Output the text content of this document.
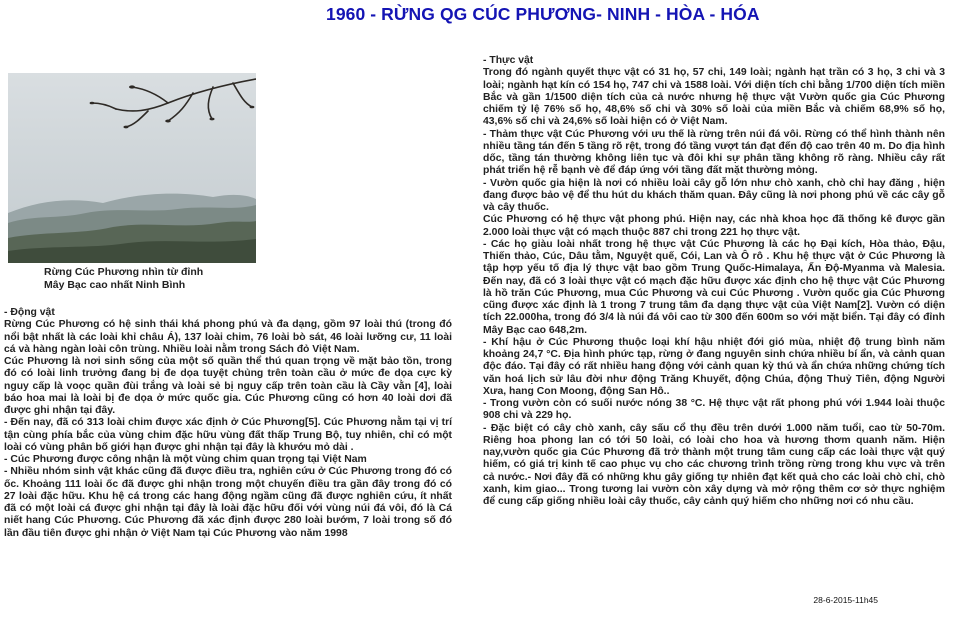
1960 - RỪNG QG CÚC PHƯƠNG- NINH - HÒA - HÓA
Rừng Cúc Phương nhìn từ đỉnh
Mây Bạc cao nhất Ninh Bình

- Động vật

Rừng Cúc Phương có hệ sinh thái khá phong phú và đa dạng, gồm 97 loài thú (trong đó nổi bật nhất là các loài khỉ châu Á), 137 loài chim, 76 loài bò sát, 46 loài lưỡng cư, 11 loài cá và hàng ngàn loài côn trùng. Nhiều loài nằm trong Sách đỏ Việt Nam.

Cúc Phương là nơi sinh sống của một số quần thể thú quan trọng về mặt bảo tồn, trong đó có loài linh trưởng đang bị đe dọa tuyệt chủng trên toàn cầu ở mức đe dọa cực kỳ nguy cấp là voọc quần đùi trắng và loài sẻ bị nguy cấp trên toàn cầu là Cầy vằn [4], loài báo hoa mai là loài bị đe dọa ở mức quốc gia. Cúc Phương cũng có hơn 40 loài dơi đã được ghi nhận tại đây.

- Đến nay, đã có 313 loài chim được xác định ở Cúc Phương[5]. Cúc Phương nằm tại vị trí tận cùng phía bắc của vùng chim đặc hữu vùng đất thấp Trung Bộ, tuy nhiên, chỉ có một loài có vùng phân bố giới hạn được ghi nhận tại đây là khướu mỏ dài .

- Cúc Phương được công nhận là một vùng chim quan trọng tại Việt Nam

- Nhiều nhóm sinh vật khác cũng đã được điều tra, nghiên cứu ở Cúc Phương trong đó có ốc. Khoảng 111 loài ốc đã được ghi nhận trong một chuyến điều tra gần đây trong đó có 27 loài đặc hữu. Khu hệ cá trong các hang động ngầm cũng đã được nghiên cứu, ít nhất đã có một loài cá được ghi nhận tại đây là loài đặc hữu đối với vùng núi đá vôi, đó là Cá niết hang Cúc Phương. Cúc Phương đã xác định được 280 loài bướm, 7 loài trong số đó lần đầu tiên được ghi nhận ở Việt Nam tại Cúc Phương vào năm 1998

- Thực vật

Trong đó ngành quyết thực vật có 31 họ, 57 chi, 149 loài; ngành hạt trần có 3 họ, 3 chi và 3 loài; ngành hạt kín có 154 họ, 747 chi và 1588 loài. Với diện tích chỉ bằng 1/700 diện tích miền Bắc và gần 1/1500 diện tích của cả nước nhưng hệ thực vật Vườn quốc gia Cúc Phương chiếm tỷ lệ 76% số họ, 48,6% số chi và 30% số loài của miền Bắc và chiếm 68,9% số họ, 43,6% số chi và 24,6% số loài hiện có ở Việt Nam.

- Thảm thực vật Cúc Phương với ưu thế là rừng trên núi đá vôi. Rừng có thể hình thành nên nhiều tầng tán đến 5 tầng rõ rệt, trong đó tầng vượt tán đạt đến độ cao trên 40 m. Do địa hình dốc, tầng tán thường không liên tục và đôi khi sự phân tầng không rõ ràng. Nhiều cây rất phát triển hệ rễ bạnh vè để đáp ứng với tầng đất mặt thường mỏng.

- Vườn quốc gia hiện là nơi có nhiều loài cây gỗ lớn như chò xanh, chò chỉ hay đăng , hiện đang được bảo vệ để thu hút du khách thăm quan. Đây cũng là nơi phong phú về các cây gỗ và cây thuốc.

Cúc Phương có hệ thực vật phong phú. Hiện nay, các nhà khoa học đã thống kê được gần 2.000 loài thực vật có mạch thuộc 887 chi trong 221 họ thực vật.

- Các họ giàu loài nhất trong hệ thực vật Cúc Phương là các họ Đại kích, Hòa thảo, Đậu, Thiến thảo, Cúc, Dâu tằm, Nguyệt quế, Cói, Lan và Ô rô . Khu hệ thực vật ở Cúc Phương là tập hợp yếu tố địa lý thực vật bao gồm Trung Quốc-Himalaya, Ấn Độ-Myanma và Malesia. Đến nay, đã có 3 loài thực vật có mạch đặc hữu được xác định cho hệ thực vật Cúc Phương là hồ trăn Cúc Phương, mua Cúc Phương và cui Cúc Phương . Vườn quốc gia Cúc Phương cũng được xác định là 1 trong 7 trung tâm đa dạng thực vật của Việt Nam[2]. Vườn có diện tích 22.000ha, trong đó 3/4 là núi đá vôi cao từ 300 đến 600m so với mặt biển. Tại đây có đỉnh Mây Bạc cao 648,2m.

- Khí hậu ở Cúc Phương thuộc loại khí hậu nhiệt đới gió mùa, nhiệt độ trung bình năm khoảng 24,7 °C. Địa hình phức tạp, rừng ở đang nguyên sinh chứa nhiều bí ẩn, và cảnh quan độc đáo. Tại đây có rất nhiều hang động với cảnh quan kỳ thú và ẩn chứa những chứng tích văn hoá lịch sử lâu đời như động Trăng Khuyết, động Chúa, động Thuỷ Tiên, động Người Xưa, hang Con Moong, động San Hô..

- Trong vườn còn có suối nước nóng 38 °C. Hệ thực vật rất phong phú với 1.944 loài thuộc 908 chi và 229 họ.

- Đặc biệt có cây chò xanh, cây sấu cổ thụ đều trên dưới 1.000 năm tuổi, cao từ 50-70m. Riêng hoa phong lan có tới 50 loài, có loài cho hoa và hương thơm quanh năm. Hiện nay,vườn quốc gia Cúc Phương đã trở thành một trung tâm cung cấp các loài thực vật quý hiếm, có giá trị kinh tế cao phục vụ cho các chương trình trồng rừng trong khu vực và trên cả nước.- Nơi đây đã có những khu gây giống tự nhiên đạt kết quả cho các loài chò chỉ, chò xanh, kim giao... Trong tương lai vườn còn xây dựng và mở rộng thêm cơ sở thực nghiệm để cung cấp giống nhiều loài cây thuốc, cây cảnh quý hiếm cho những nơi có nhu cầu.

28-6-2015-11h45
